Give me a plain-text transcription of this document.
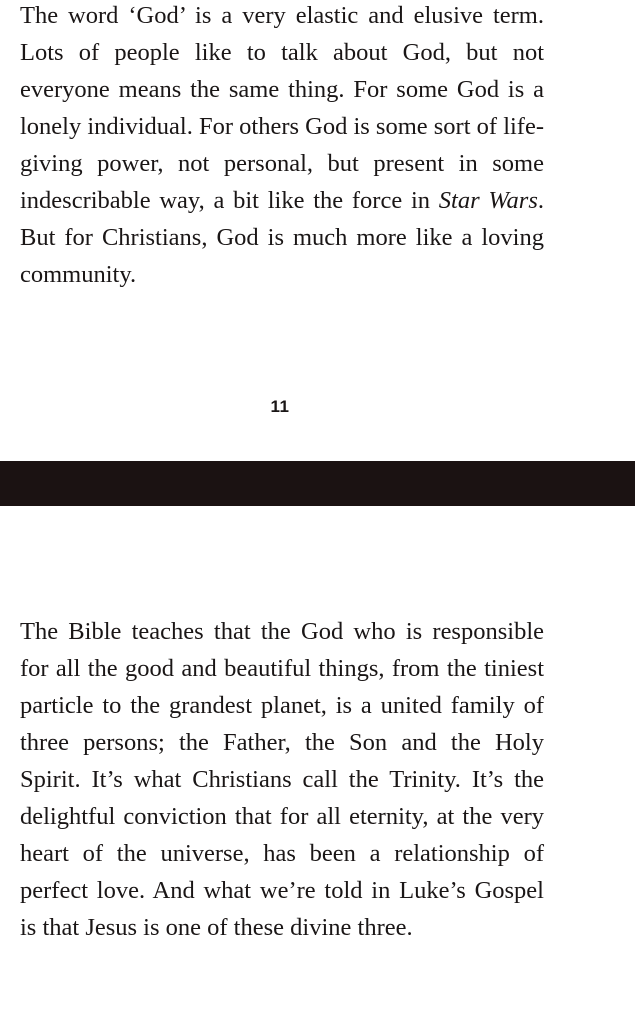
The word ‘God’ is a very elastic and elusive term. Lots of people like to talk about God, but not everyone means the same thing. For some God is a lonely individual. For others God is some sort of life-giving power, not personal, but present in some indescribable way, a bit like the force in Star Wars. But for Christians, God is much more like a loving community.

11

The Bible teaches that the God who is responsible for all the good and beautiful things, from the tiniest particle to the grandest planet, is a united family of three persons; the Father, the Son and the Holy Spirit. It’s what Christians call the Trinity. It’s the delightful conviction that for all eternity, at the very heart of the universe, has been a relationship of perfect love. And what we’re told in Luke’s Gospel is that Jesus is one of these divine three.
